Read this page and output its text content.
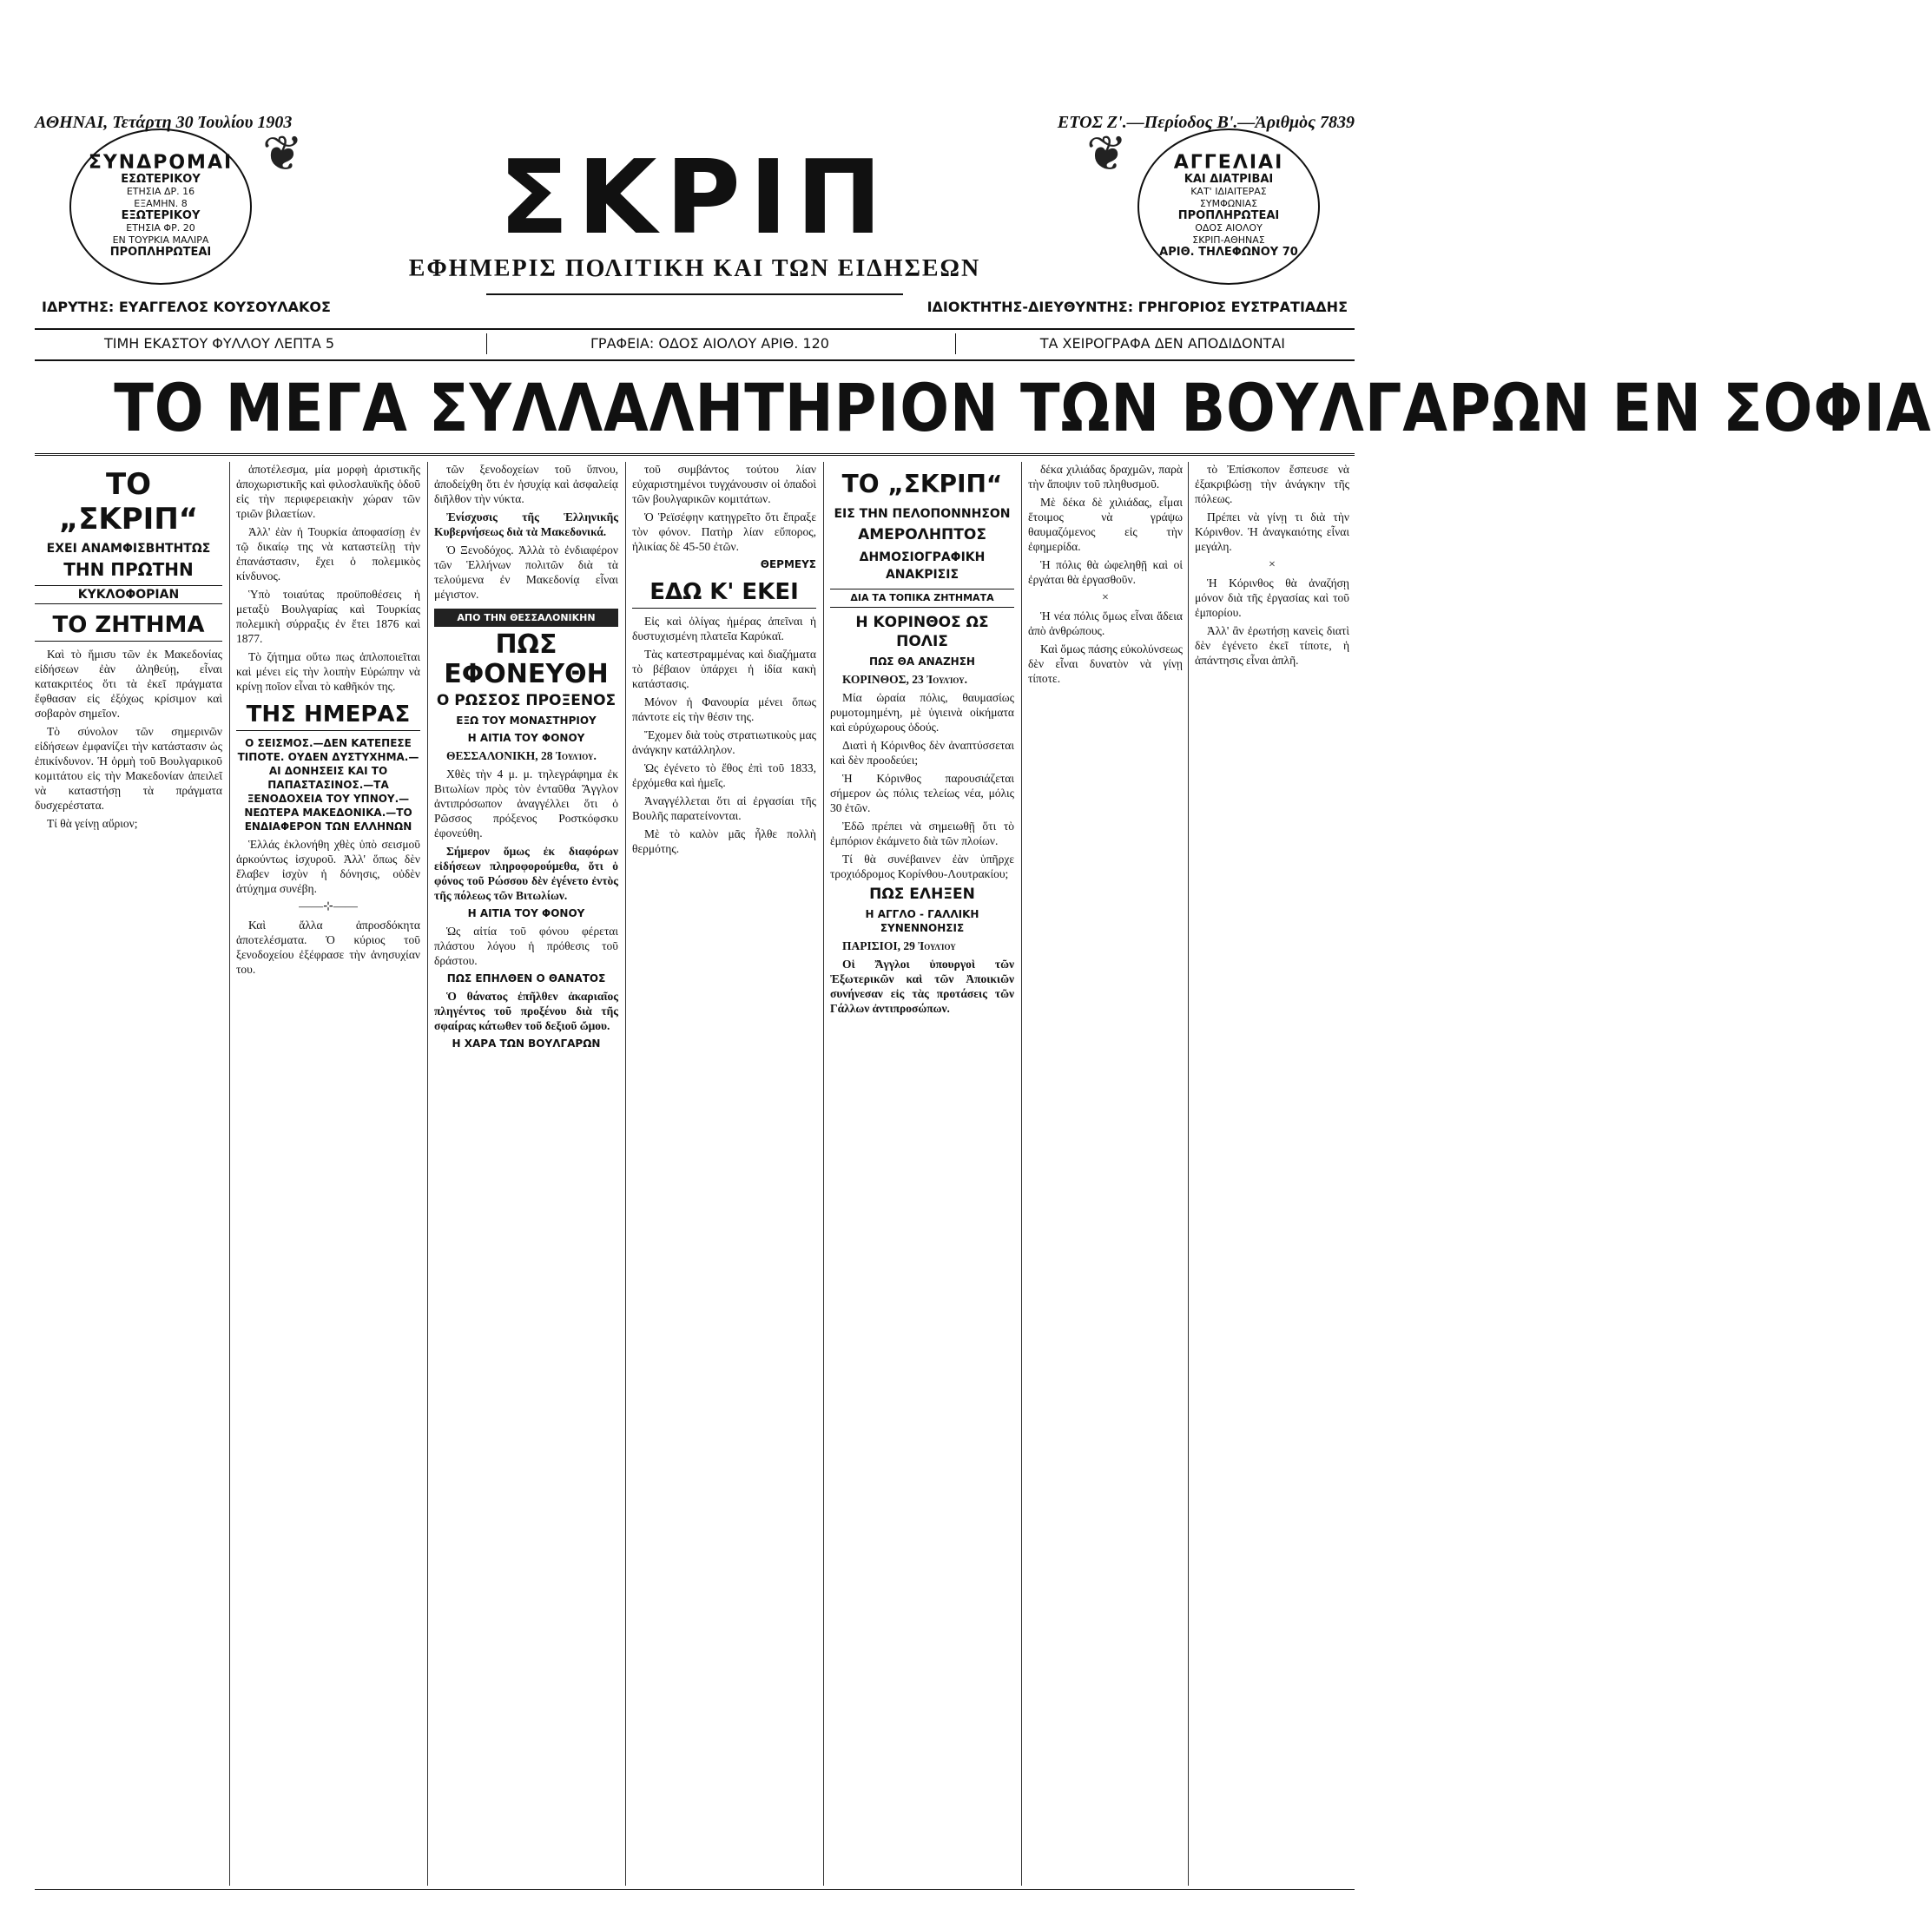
ΑΘΗΝΑΙ, Τετάρτη 30 Ἰουλίου 1903	ΕΤΟΣ Ζ'.—Περίοδος Β'.—Ἀριθμὸς 7839
ΣΥΝΔΡΟΜΑΙ
ΕΣΩΤΕΡΙΚΟΥ
ΕΤΗΣΙΑ ΔΡ. 16
ΕΞΑΜΗΝ. 8
ΕΞΩΤΕΡΙΚΟΥ
ΕΤΗΣΙΑ ΦΡ. 20
ΕΝ ΤΟΥΡΚΙΑ ΜΑΛΙΡΑ
ΠΡΟΠΛΗΡΩΤΕΑΙ
❦	ΣΚΡΙΠ
ΕΦΗΜΕΡΙΣ ΠΟΛΙΤΙΚΗ ΚΑΙ ΤΩΝ ΕΙΔΗΣΕΩΝ
❦	ΑΓΓΕΛΙΑΙ
ΚΑΙ ΔΙΑΤΡΙΒΑΙ
ΚΑΤ' ΙΔΙΑΙΤΕΡΑΣ
ΣΥΜΦΩΝΙΑΣ
ΠΡΟΠΛΗΡΩΤΕΑΙ
ΟΔΟΣ ΑΙΟΛΟΥ
ΣΚΡΙΠ-ΑΘΗΝΑΣ
ΑΡΙΘ. ΤΗΛΕΦΩΝΟΥ 70
ΙΔΡΥΤΗΣ: ΕΥΑΓΓΕΛΟΣ ΚΟΥΣΟΥΛΑΚΟΣ	ΙΔΙΟΚΤΗΤΗΣ-ΔΙΕΥΘΥΝΤΗΣ: ΓΡΗΓΟΡΙΟΣ ΕΥΣΤΡΑΤΙΑΔΗΣ
ΤΙΜΗ ΕΚΑΣΤΟΥ ΦΥΛΛΟΥ ΛΕΠΤΑ 5	ΓΡΑΦΕΙΑ: ΟΔΟΣ ΑΙΟΛΟΥ ΑΡΙΘ. 120	ΤΑ ΧΕΙΡΟΓΡΑΦΑ ΔΕΝ ΑΠΟΔΙΔΟΝΤΑΙ
ΤΟ ΜΕΓΑ ΣΥΛΛΑΛΗΤΗΡΙΟΝ ΤΩΝ ΒΟΥΛΓΑΡΩΝ ΕΝ ΣΟΦΙΑ
ΤΟ „ΣΚΡΙΠ“
ΕΧΕΙ ΑΝΑΜΦΙΣΒΗΤΗΤΩΣ
ΤΗΝ ΠΡΩΤΗΝ
ΚΥΚΛΟΦΟΡΙΑΝ
ΤΟ ΖΗΤΗΜΑ

Καὶ τὸ ἥμισυ τῶν ἐκ Μακεδονίας εἰδήσεων ἐὰν ἀληθεύῃ, εἶναι κατακριτέος ὅτι τὰ ἐκεῖ πράγματα ἔφθασαν εἰς ἐξόχως κρίσιμον καὶ σοβαρὸν σημεῖον.

Τὸ σύνολον τῶν σημερινῶν εἰδήσεων ἐμφανίζει τὴν κατάστασιν ὡς ἐπικίνδυνον. Ἡ ὁρμὴ τοῦ Βουλγαρικοῦ κομιτάτου εἰς τὴν Μακεδονίαν ἀπειλεῖ νὰ καταστήσῃ τὰ πράγματα δυσχερέστατα.

Τί θὰ γείνῃ αὔριον;

ἀποτέλεσμα, μία μορφὴ ἀριστικῆς ἀποχωριστικῆς καὶ φιλοσλαυϊκῆς ὁδοῦ εἰς τὴν περιφερειακὴν χώραν τῶν τριῶν βιλαετίων.

Ἀλλ' ἐὰν ἡ Τουρκία ἀποφασίσῃ ἐν τῷ δικαίῳ της νὰ καταστείλῃ τὴν ἐπανάστασιν, ἔχει ὁ πολεμικὸς κίνδυνος.

Ὑπὸ τοιαύτας προϋποθέσεις ἡ μεταξὺ Βουλγαρίας καὶ Τουρκίας πολεμικὴ σύρραξις ἐν ἔτει 1876 καὶ 1877.

Τὸ ζήτημα οὕτω πως ἀπλοποιεῖται καὶ μένει εἰς τὴν λοιπὴν Εὐρώπην νὰ κρίνῃ ποῖον εἶναι τὸ καθῆκόν της.

ΤΗΣ ΗΜΕΡΑΣ
Ο ΣΕΙΣΜΟΣ.—ΔΕΝ ΚΑΤΕΠΕΣΕ ΤΙΠΟΤΕ. ΟΥΔΕΝ ΔΥΣΤΥΧΗΜΑ.—ΑΙ ΔΟΝΗΣΕΙΣ ΚΑΙ ΤΟ ΠΑΠΑΣΤΑΣΙΝΟΣ.—ΤΑ ΞΕΝΟΔΟΧΕΙΑ ΤΟΥ ΥΠΝΟΥ.—ΝΕΩΤΕΡΑ ΜΑΚΕΔΟΝΙΚΑ.—ΤΟ ΕΝΔΙΑΦΕΡΟΝ ΤΩΝ ΕΛΛΗΝΩΝ

Ἑλλάς ἐκλονήθη χθὲς ὑπὸ σεισμοῦ ἀρκούντως ἰσχυροῦ. Ἀλλ' ὅπως δὲν ἔλαβεν ἰσχὺν ἡ δόνησις, οὐδὲν ἀτύχημα συνέβη.

——⊹——

Καὶ ἄλλα ἀπροσδόκητα ἀποτελέσματα. Ὁ κύριος τοῦ ξενοδοχείου ἐξέφρασε τὴν ἀνησυχίαν του.

τῶν ξενοδοχείων τοῦ ὕπνου, ἀποδείχθη ὅτι ἐν ἡσυχίᾳ καὶ ἀσφαλείᾳ διῆλθον τὴν νύκτα.

Ἐνίσχυσις τῆς Ἑλληνικῆς Κυβερνήσεως διὰ τὰ Μακεδονικά.

Ὁ Ξενοδόχος. Ἀλλὰ τὸ ἐνδιαφέρον τῶν Ἑλλήνων πολιτῶν διὰ τὰ τελούμενα ἐν Μακεδονίᾳ εἶναι μέγιστον.

ΑΠΟ ΤΗΝ ΘΕΣΣΑΛΟΝΙΚΗΝ
ΠΩΣ ΕΦΟΝΕΥΘΗ
Ο ΡΩΣΣΟΣ ΠΡΟΞΕΝΟΣ
ΕΞΩ ΤΟΥ ΜΟΝΑΣΤΗΡΙΟΥ
Η ΑΙΤΙΑ ΤΟΥ ΦΟΝΟΥ

ΘΕΣΣΑΛΟΝΙΚΗ, 28 Ἰουλίου.

Χθὲς τὴν 4 μ. μ. τηλεγράφημα ἐκ Βιτωλίων πρὸς τὸν ἐνταῦθα Ἄγγλον ἀντιπρόσωπον ἀναγγέλλει ὅτι ὁ Ρῶσσος πρόξενος Ροστκόφσκυ ἐφονεύθη.

Σήμερον ὅμως ἐκ διαφόρων εἰδήσεων πληροφορούμεθα, ὅτι ὁ φόνος τοῦ Ρώσσου δὲν ἐγένετο ἐντὸς τῆς πόλεως τῶν Βιτωλίων.

Η ΑΙΤΙΑ ΤΟΥ ΦΟΝΟΥ

Ὡς αἰτία τοῦ φόνου φέρεται πλάστου λόγου ἡ πρόθεσις τοῦ δράστου.

ΠΩΣ ΕΠΗΛΘΕΝ Ο ΘΑΝΑΤΟΣ

Ὁ θάνατος ἐπῆλθεν ἀκαριαῖος πληγέντος τοῦ προξένου διὰ τῆς σφαίρας κάτωθεν τοῦ δεξιοῦ ὤμου.

Η ΧΑΡΑ ΤΩΝ ΒΟΥΛΓΑΡΩΝ

τοῦ συμβάντος τούτου λίαν εὐχαριστημένοι τυγχάνουσιν οἱ ὀπαδοὶ τῶν βουλγαρικῶν κομιτάτων.

Ὁ Ῥεϊσέφην κατηγρεῖτο ὅτι ἔπραξε τὸν φόνον. Πατὴρ λίαν εὔπορος, ἡλικίας δὲ 45-50 ἐτῶν.

ΘΕΡΜΕΥΣ
ΕΔΩ Κ' ΕΚΕΙ

Εἰς καὶ ὀλίγας ἡμέρας ἀπεῖναι ἡ δυστυχισμένη πλατεῖα Καρύκαϊ.

Τὰς κατεστραμμένας καὶ διαζήματα τὸ βέβαιον ὑπάρχει ἡ ἰδία κακὴ κατάστασις.

Μόνον ἡ Φανουρία μένει ὅπως πάντοτε εἰς τὴν θέσιν της.

Ἔχομεν διὰ τοὺς στρατιωτικοὺς μας ἀνάγκην κατάλληλον.

Ὡς ἐγένετο τὸ ἔθος ἐπὶ τοῦ 1833, ἐρχόμεθα καὶ ἡμεῖς.

Ἀναγγέλλεται ὅτι αἱ ἐργασίαι τῆς Βουλῆς παρατείνονται.

Μὲ τὸ καλὸν μᾶς ἦλθε πολλὴ θερμότης.

ΤΟ „ΣΚΡΙΠ“
ΕΙΣ ΤΗΝ ΠΕΛΟΠΟΝΝΗΣΟΝ
ΑΜΕΡΟΛΗΠΤΟΣ
ΔΗΜΟΣΙΟΓΡΑΦΙΚΗ ΑΝΑΚΡΙΣΙΣ
ΔΙΑ ΤΑ ΤΟΠΙΚΑ ΖΗΤΗΜΑΤΑ
Η ΚΟΡΙΝΘΟΣ ΩΣ ΠΟΛΙΣ
ΠΩΣ ΘΑ ΑΝΑΖΗΣΗ

ΚΟΡΙΝΘΟΣ, 23 Ἰουλίου.

Μία ὡραία πόλις, θαυμασίως ρυμοτομημένη, μὲ ὑγιεινὰ οἰκήματα καὶ εὐρύχωρους ὁδούς.

Διατὶ ἡ Κόρινθος δὲν ἀναπτύσσεται καὶ δὲν προοδεύει;

Ἡ Κόρινθος παρουσιάζεται σήμερον ὡς πόλις τελείως νέα, μόλις 30 ἐτῶν.

Ἐδῶ πρέπει νὰ σημειωθῇ ὅτι τὸ ἐμπόριον ἐκάμνετο διὰ τῶν πλοίων.

Τί θὰ συνέβαινεν ἐὰν ὑπῆρχε τροχιόδρομος Κορίνθου-Λουτρακίου;

ΠΩΣ ΕΛΗΞΕΝ
Η ΑΓΓΛΟ - ΓΑΛΛΙΚΗ ΣΥΝΕΝΝΟΗΣΙΣ

ΠΑΡΙΣΙΟΙ, 29 Ἰουλίου

Οἱ Ἄγγλοι ὑπουργοὶ τῶν Ἐξωτερικῶν καὶ τῶν Ἀποικιῶν συνήνεσαν εἰς τὰς προτάσεις τῶν Γάλλων ἀντιπροσώπων.

δέκα χιλιάδας δραχμῶν, παρὰ τὴν ἄποψιν τοῦ πληθυσμοῦ.

Μὲ δέκα δὲ χιλιάδας, εἶμαι ἕτοιμος νὰ γράψω θαυμαζόμενος εἰς τὴν ἐφημερίδα.

Ἡ πόλις θὰ ὠφεληθῇ καὶ οἱ ἐργάται θὰ ἐργασθοῦν.

×

Ἡ νέα πόλις ὅμως εἶναι ἄδεια ἀπὸ ἀνθρώπους.

Καὶ ὅμως πάσης εὐκολύνσεως δὲν εἶναι δυνατὸν νὰ γίνῃ τίποτε.

τὸ Ἐπίσκοπον ἔσπευσε νὰ ἐξακριβώσῃ τὴν ἀνάγκην τῆς πόλεως.

Πρέπει νὰ γίνῃ τι διὰ τὴν Κόρινθον. Ἡ ἀναγκαιότης εἶναι μεγάλη.

×

Ἡ Κόρινθος θὰ ἀναζήσῃ μόνον διὰ τῆς ἐργασίας καὶ τοῦ ἐμπορίου.

Ἀλλ' ἂν ἐρωτήσῃ κανεὶς διατὶ δὲν ἐγένετο ἐκεῖ τίποτε, ἡ ἀπάντησις εἶναι ἁπλῆ.
